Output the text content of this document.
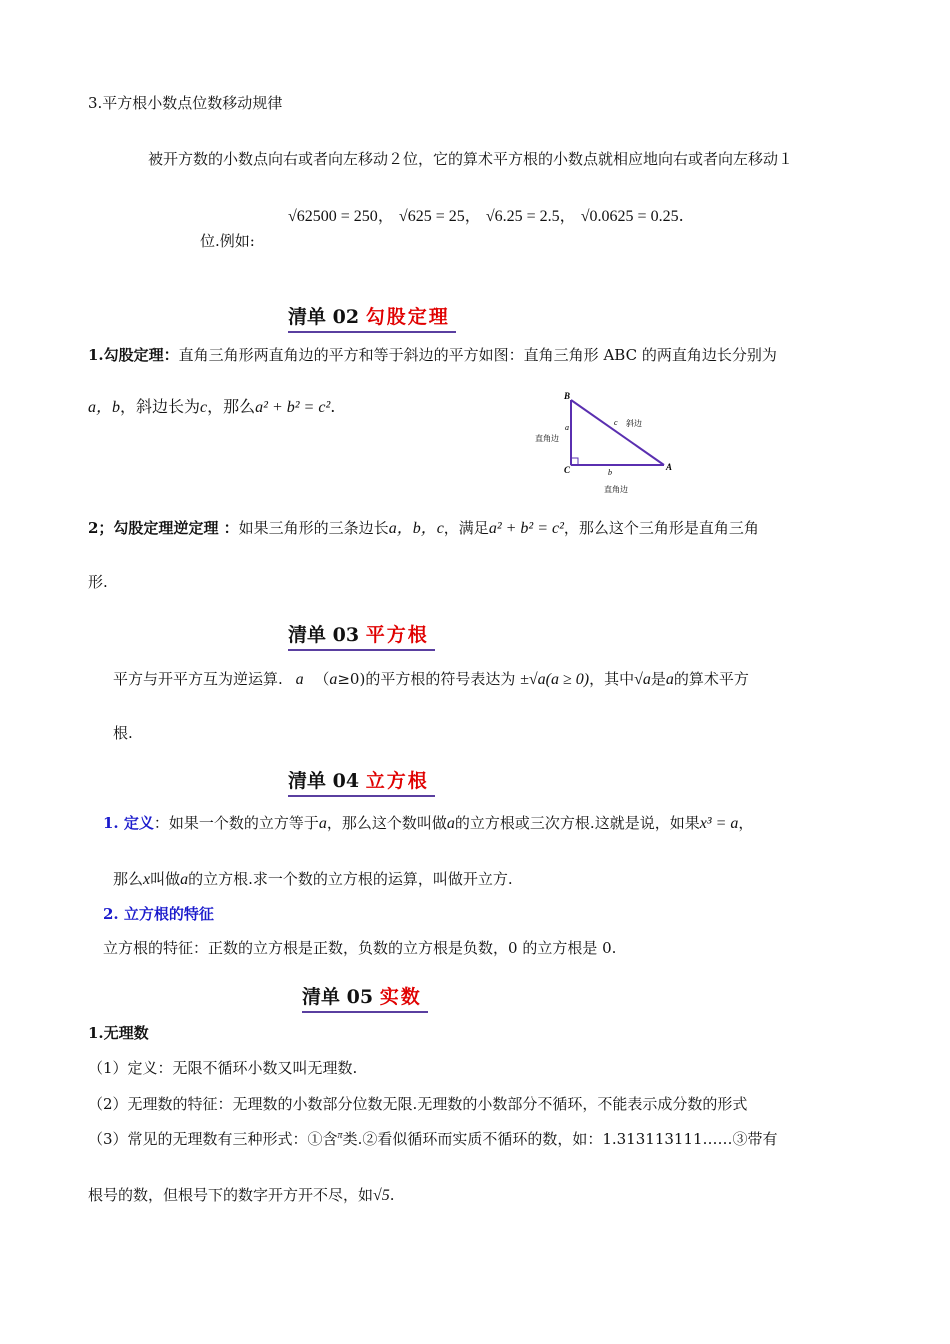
3.平方根小数点位数移动规律
被开方数的小数点向右或者向左移动２位，它的算术平方根的小数点就相应地向右或者向左移动１
√62500 = 250， √625 = 25， √6.25 = 2.5， √0.0625 = 0.25.
位.例如:
清单 02 勾股定理
1.勾股定理：直角三角形两直角边的平方和等于斜边的平方如图：直角三角形 ABC 的两直角边长分别为
a，b，斜边长为c，那么a² + b² = c².
B
C	A
c 斜边
a
直角边
b
直角边
2；勾股定理逆定理 ：如果三角形的三条边长a，b，c，满足a² + b² = c²，那么这个三角形是直角三角
形.
清单 03 平方根
平方与开平方互为逆运算. a （a≥0)的平方根的符号表达为 ±√a(a ≥ 0)，其中√a是a的算术平方
根.
清单 04 立方根
1. 定义：如果一个数的立方等于a，那么这个数叫做a的立方根或三次方根.这就是说，如果x³ = a，
那么x叫做a的立方根.求一个数的立方根的运算，叫做开立方.
2. 立方根的特征
立方根的特征：正数的立方根是正数，负数的立方根是负数，0 的立方根是 0.
清单 05 实数
1.无理数
（1）定义：无限不循环小数又叫无理数.
（2）无理数的特征：无理数的小数部分位数无限.无理数的小数部分不循环，不能表示成分数的形式
（3）常见的无理数有三种形式：①含$^\pi$类.②看似循环而实质不循环的数，如：1.313113111……③带有
根号的数，但根号下的数字开方开不尽，如√5.
